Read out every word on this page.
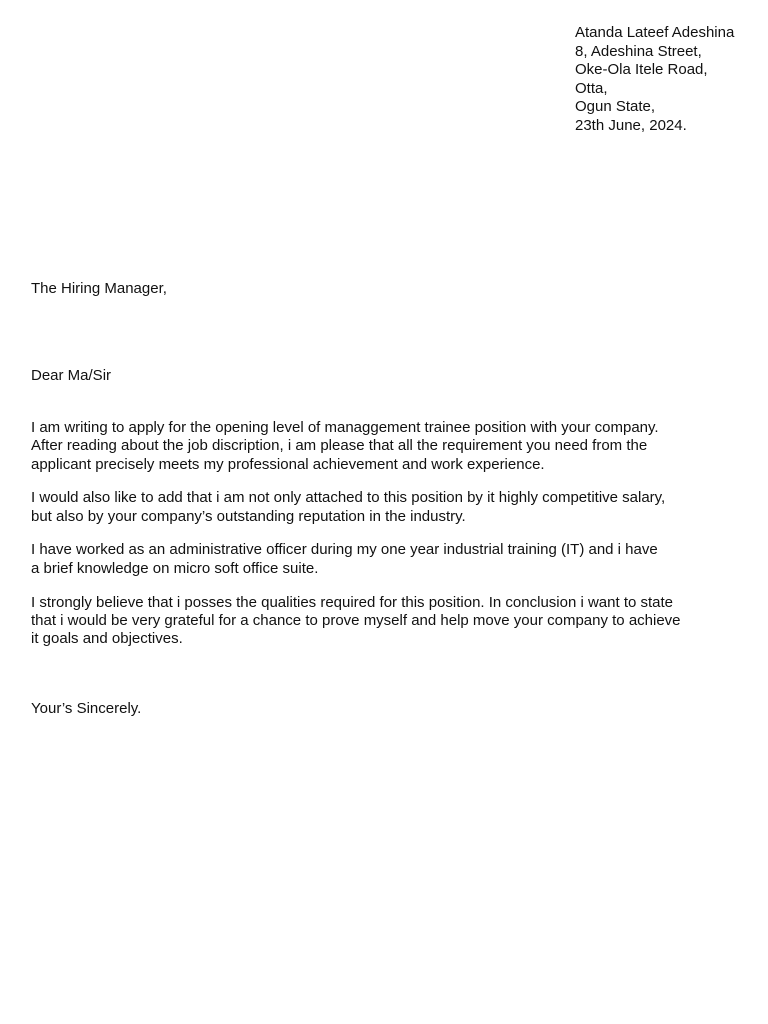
Atanda Lateef Adeshina
8, Adeshina Street,
Oke-Ola Itele Road,
Otta,
Ogun State,
23th June, 2024.
The Hiring Manager,
Dear Ma/Sir
I am writing to apply for the opening level of managgement trainee position with your company.
After reading about the job discription, i am please that all the requirement you need from the
applicant precisely meets my professional achievement and work experience.
I would also like to add that i am not only attached to this position by it highly competitive salary,
but also by your company’s outstanding reputation in the industry.
I have worked as an administrative officer during my one year industrial training (IT) and i have
a brief knowledge on micro soft office suite.
I strongly believe that i posses the qualities required for this position. In conclusion i want to state
that i would be very grateful for a chance to prove myself and help move your company to achieve
it goals and objectives.
Your’s Sincerely.
